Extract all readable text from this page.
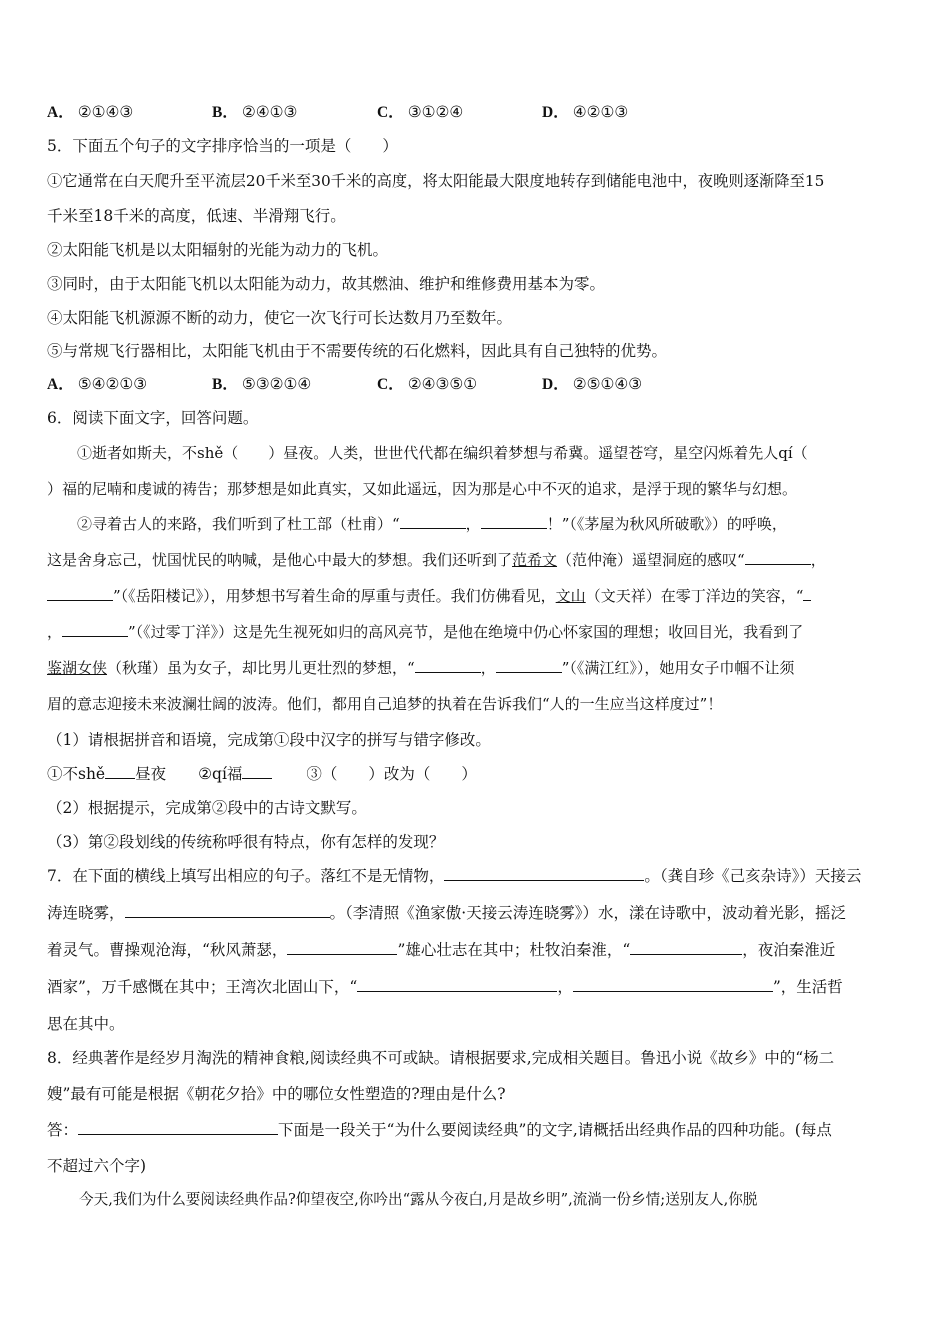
A． ②①④③	B． ②④①③	C． ③①②④	D． ④②①③
5．下面五个句子的文字排序恰当的一项是（　　）
①它通常在白天爬升至平流层20千米至30千米的高度，将太阳能最大限度地转存到储能电池中，夜晚则逐渐降至15
千米至18千米的高度，低速、半滑翔飞行。
②太阳能飞机是以太阳辐射的光能为动力的飞机。
③同时，由于太阳能飞机以太阳能为动力，故其燃油、维护和维修费用基本为零。
④太阳能飞机源源不断的动力，使它一次飞行可长达数月乃至数年。
⑤与常规飞行器相比，太阳能飞机由于不需要传统的石化燃料，因此具有自己独特的优势。
A． ⑤④②①③	B． ⑤③②①④	C． ②④③⑤①	D． ②⑤①④③
6．阅读下面文字，回答问题。
①逝者如斯夫，不shě（　　）昼夜。人类，世世代代都在编织着梦想与希冀。遥望苍穹，星空闪烁着先人qí（
）福的尼喃和虔诚的祷告；那梦想是如此真实，又如此遥远，因为那是心中不灭的追求，是浮于现的繁华与幻想。
②寻着古人的来路，我们听到了杜工部（杜甫）“	，	！”（《茅屋为秋风所破歌》）的呼唤，
这是舍身忘己，忧国忧民的呐喊，是他心中最大的梦想。我们还听到了范希文（范仲淹）遥望洞庭的感叹“	，
”（《岳阳楼记》），用梦想书写着生命的厚重与责任。我们仿佛看见，文山（文天祥）在零丁洋边的笑容，“
，	”（《过零丁洋》）这是先生视死如归的高风亮节，是他在绝境中仍心怀家国的理想；收回目光，我看到了
鉴湖女侠（秋瑾）虽为女子，却比男儿更壮烈的梦想，“	，	”（《满江红》），她用女子巾帼不让须
眉的意志迎接未来波澜壮阔的波涛。他们，都用自己追梦的执着在告诉我们“人的一生应当这样度过”！
（1）请根据拼音和语境，完成第①段中汉字的拼写与错字修改。
①不shě 昼夜 ②qí福	③（　　）改为（　　）
（2）根据提示，完成第②段中的古诗文默写。
（3）第②段划线的传统称呼很有特点，你有怎样的发现？
7．在下面的横线上填写出相应的句子。落红不是无情物，	。（龚自珍《己亥杂诗》）天接云
涛连晓雾，	。（李清照《渔家傲·天接云涛连晓雾》）水，漾在诗歌中，波动着光影，摇泛
着灵气。曹操观沧海，“秋风萧瑟，	”雄心壮志在其中；杜牧泊秦淮，“	，夜泊秦淮近
酒家”，万千感慨在其中；王湾次北固山下，“	，	”，生活哲
思在其中。
8．经典著作是经岁月淘洗的精神食粮,阅读经典不可或缺。请根据要求,完成相关题目。鲁迅小说《故乡》中的“杨二
嫂”最有可能是根据《朝花夕拾》中的哪位女性塑造的?理由是什么?
答：	下面是一段关于“为什么要阅读经典”的文字,请概括出经典作品的四种功能。(每点
不超过六个字)
今天,我们为什么要阅读经典作品?仰望夜空,你吟出“露从今夜白,月是故乡明”,流淌一份乡情;送别友人,你脱
